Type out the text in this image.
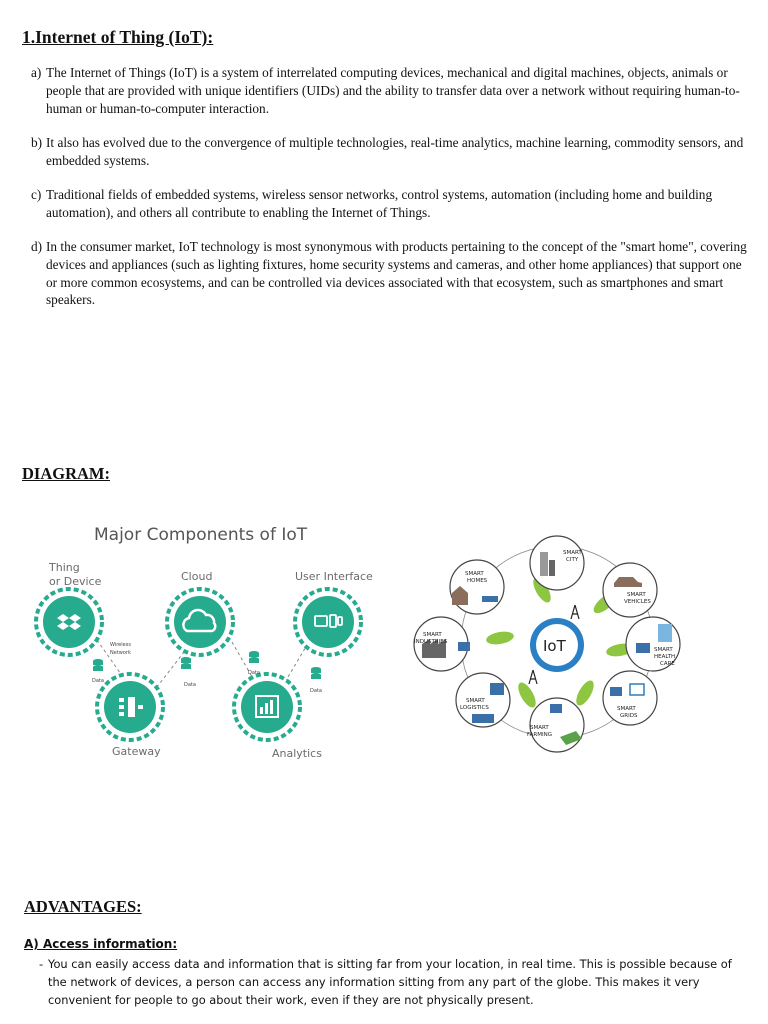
1.Internet of Thing (IoT):
a) The Internet of Things (IoT) is a system of interrelated computing devices, mechanical and digital machines, objects, animals or people that are provided with unique identifiers (UIDs) and the ability to transfer data over a network without requiring human-to-human or human-to-computer interaction.
b) It also has evolved due to the convergence of multiple technologies, real-time analytics, machine learning, commodity sensors, and embedded systems.
c) Traditional fields of embedded systems, wireless sensor networks, control systems, automation (including home and building automation), and others all contribute to enabling the Internet of Things.
d) In the consumer market, IoT technology is most synonymous with products pertaining to the concept of the "smart home", covering devices and appliances (such as lighting fixtures, home security systems and cameras, and other home appliances) that support one or more common ecosystems, and can be controlled via devices associated with that ecosystem, such as smartphones and smart speakers.
DIAGRAM:
Major Components of IoT
Thing
or Device	Cloud	User Interface
Wireless
Network
Data
Data
Data
Data
Gateway	Analytics
IoT
SMART
CITY
SMART
VEHICLES
SMART
HEALTH
CARE
SMART
GRIDS
SMART
FARMING
SMART
LOGISTICS
SMART
INDUSTRIES
SMART
HOMES
ADVANTAGES:
A) Access information:
- You can easily access data and information that is sitting far from your location, in real time. This is possible because of the network of devices, a person can access any information sitting from any part of the globe. This makes it very convenient for people to go about their work, even if they are not physically present.
